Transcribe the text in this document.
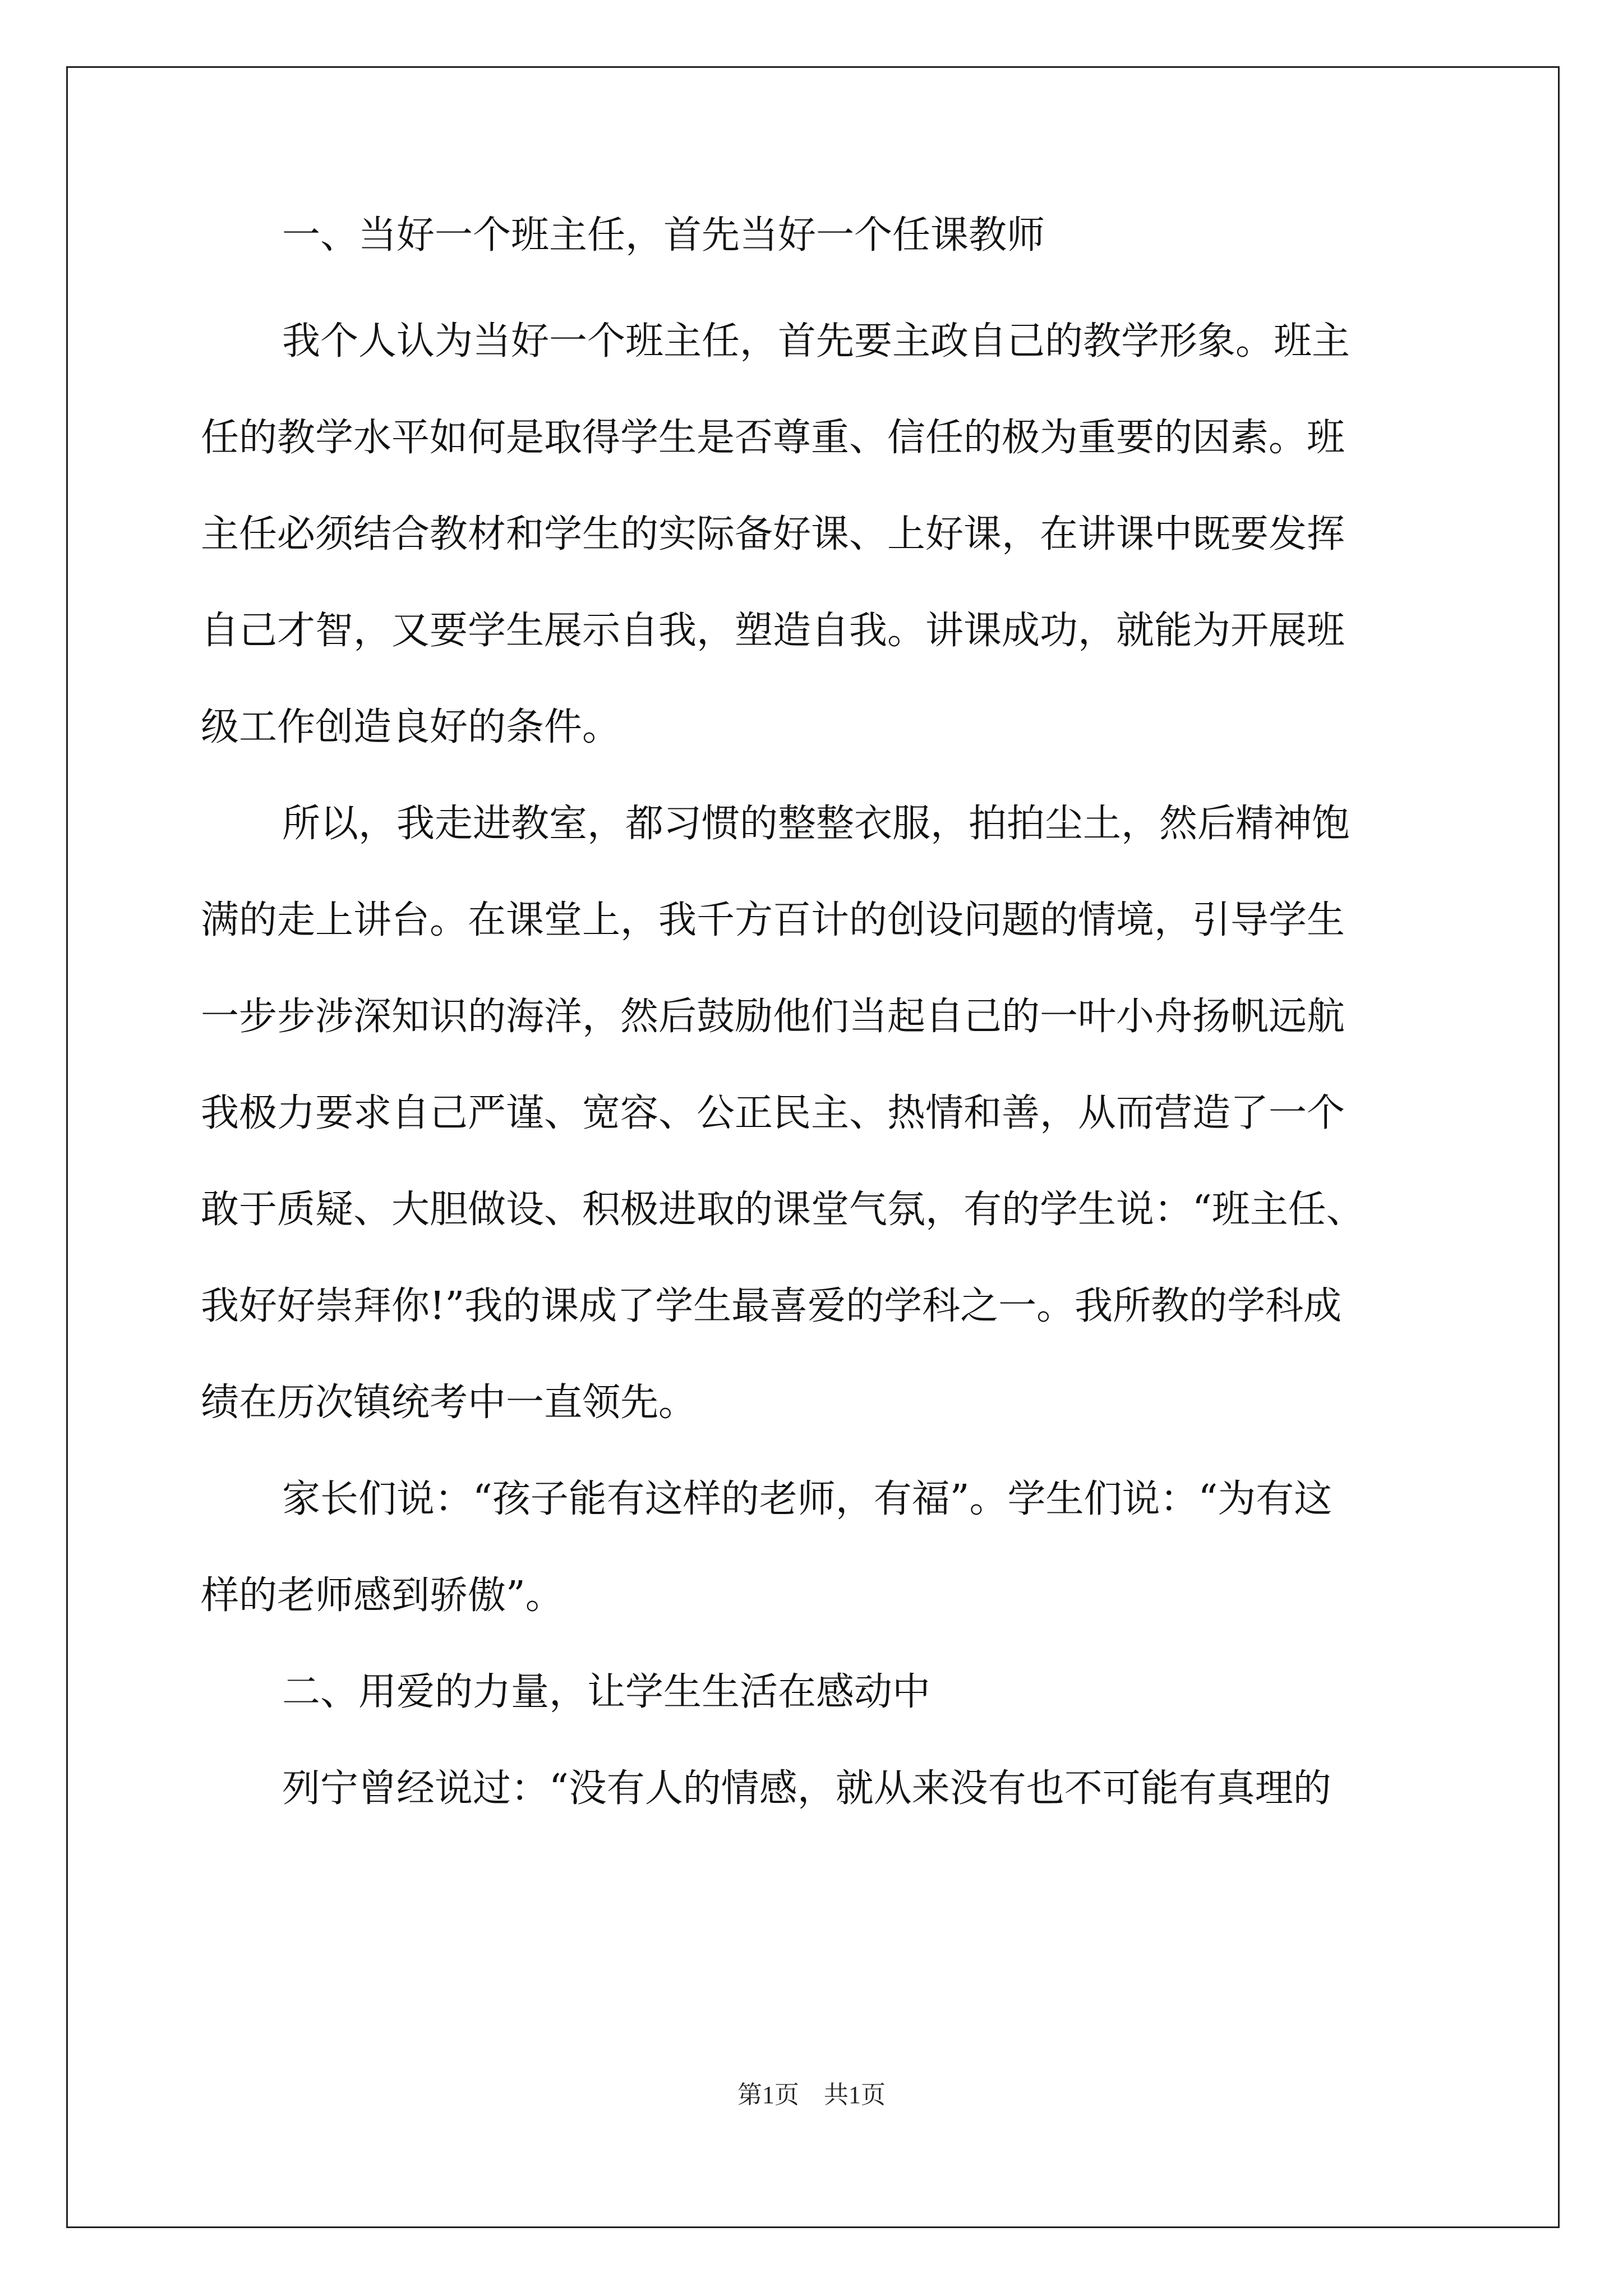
一、当好一个班主任，首先当好一个任课教师
我个人认为当好一个班主任，首先要主政自己的教学形象。班主
任的教学水平如何是取得学生是否尊重、信任的极为重要的因素。班
主任必须结合教材和学生的实际备好课、上好课，在讲课中既要发挥
自己才智，又要学生展示自我，塑造自我。讲课成功，就能为开展班
级工作创造良好的条件。
所以，我走进教室，都习惯的整整衣服，拍拍尘土，然后精神饱
满的走上讲台。在课堂上，我千方百计的创设问题的情境，引导学生
一步步涉深知识的海洋，然后鼓励他们当起自己的一叶小舟扬帆远航
我极力要求自己严谨、宽容、公正民主、热情和善，从而营造了一个
敢于质疑、大胆做设、积极进取的课堂气氛，有的学生说：“班主任、
我好好崇拜你!”我的课成了学生最喜爱的学科之一。我所教的学科成
绩在历次镇统考中一直领先。
家长们说：“孩子能有这样的老师，有福”。学生们说：“为有这
样的老师感到骄傲”。
二、用爱的力量，让学生生活在感动中
列宁曾经说过：“没有人的情感，就从来没有也不可能有真理的
第1页　共1页
